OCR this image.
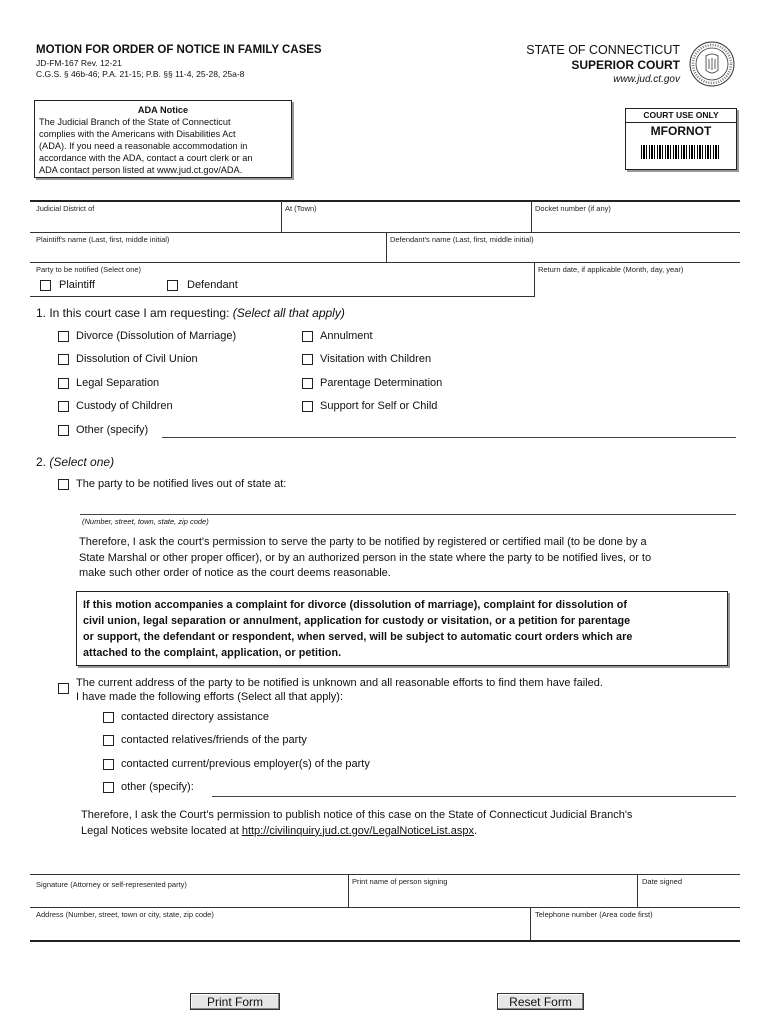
MOTION FOR ORDER OF NOTICE IN FAMILY CASES
JD-FM-167 Rev. 12-21
C.G.S. § 46b-46; P.A. 21-15; P.B. §§ 11-4, 25-28, 25a-8
STATE OF CONNECTICUT
SUPERIOR COURT
www.jud.ct.gov
ADA Notice
The Judicial Branch of the State of Connecticut
complies with the Americans with Disabilities Act
(ADA). If you need a reasonable accommodation in
accordance with the ADA, contact a court clerk or an
ADA contact person listed at www.jud.ct.gov/ADA.
COURT USE ONLY
MFORNOT
Judicial District of	At (Town)	Docket number (if any)
Plaintiff's name (Last, first, middle initial)	Defendant's name (Last, first, middle initial)
Party to be notified (Select one)	Return date, if applicable (Month, day, year)
Plaintiff	Defendant
1. In this court case I am requesting: (Select all that apply)
Divorce (Dissolution of Marriage)
Dissolution of Civil Union
Legal Separation
Custody of Children
Other (specify)
Annulment
Visitation with Children
Parentage Determination
Support for Self or Child
2. (Select one)
The party to be notified lives out of state at:
(Number, street, town, state, zip code)
Therefore, I ask the court's permission to serve the party to be notified by registered or certified mail (to be done by a
State Marshal or other proper officer), or by an authorized person in the state where the party to be notified lives, or to
make such other order of notice as the court deems reasonable.
If this motion accompanies a complaint for divorce (dissolution of marriage), complaint for dissolution of
civil union, legal separation or annulment, application for custody or visitation, or a petition for parentage
or support, the defendant or respondent, when served, will be subject to automatic court orders which are
attached to the complaint, application, or petition.
The current address of the party to be notified is unknown and all reasonable efforts to find them have failed.
I have made the following efforts (Select all that apply):
contacted directory assistance
contacted relatives/friends of the party
contacted current/previous employer(s) of the party
other (specify):
Therefore, I ask the Court's permission to publish notice of this case on the State of Connecticut Judicial Branch's
Legal Notices website located at http://civilinquiry.jud.ct.gov/LegalNoticeList.aspx.
Signature (Attorney or self-represented party)	Print name of person signing	Date signed
Address (Number, street, town or city, state, zip code)	Telephone number (Area code first)
Print Form	Reset Form
